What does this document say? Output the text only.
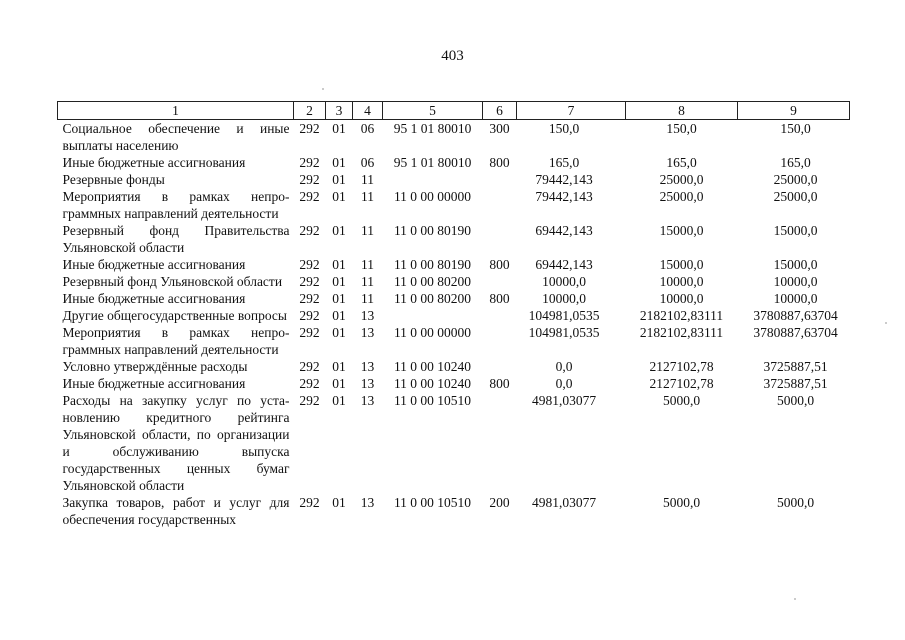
403
1	2	3	4	5	6	7	8	9
Социальное обеспечение и иные выплаты населению	292	01	06	95 1 01 80010	300	150,0	150,0	150,0
Иные бюджетные ассигнования	292	01	06	95 1 01 80010	800	165,0	165,0	165,0
Резервные фонды	292	01	11			79442,143	25000,0	25000,0
Мероприятия в рамках непрограммных направлений деятельности	292	01	11	11 0 00 00000		79442,143	25000,0	25000,0
Резервный фонд Правительства Ульяновской области	292	01	11	11 0 00 80190		69442,143	15000,0	15000,0
Иные бюджетные ассигнования	292	01	11	11 0 00 80190	800	69442,143	15000,0	15000,0
Резервный фонд Ульяновской области	292	01	11	11 0 00 80200		10000,0	10000,0	10000,0
Иные бюджетные ассигнования	292	01	11	11 0 00 80200	800	10000,0	10000,0	10000,0
Другие общегосударственные вопросы	292	01	13			104981,0535	2182102,83111	3780887,63704
Мероприятия в рамках непрограммных направлений деятельности	292	01	13	11 0 00 00000		104981,0535	2182102,83111	3780887,63704
Условно утверждённые расходы	292	01	13	11 0 00 10240		0,0	2127102,78	3725887,51
Иные бюджетные ассигнования	292	01	13	11 0 00 10240	800	0,0	2127102,78	3725887,51
Расходы на закупку услуг по установлению кредитного рейтинга Ульяновской области, по организации и обслуживанию выпуска государственных ценных бумаг Ульяновской области	292	01	13	11 0 00 10510		4981,03077	5000,0	5000,0
Закупка товаров, работ и услуг для обеспечения государственных	292	01	13	11 0 00 10510	200	4981,03077	5000,0	5000,0
